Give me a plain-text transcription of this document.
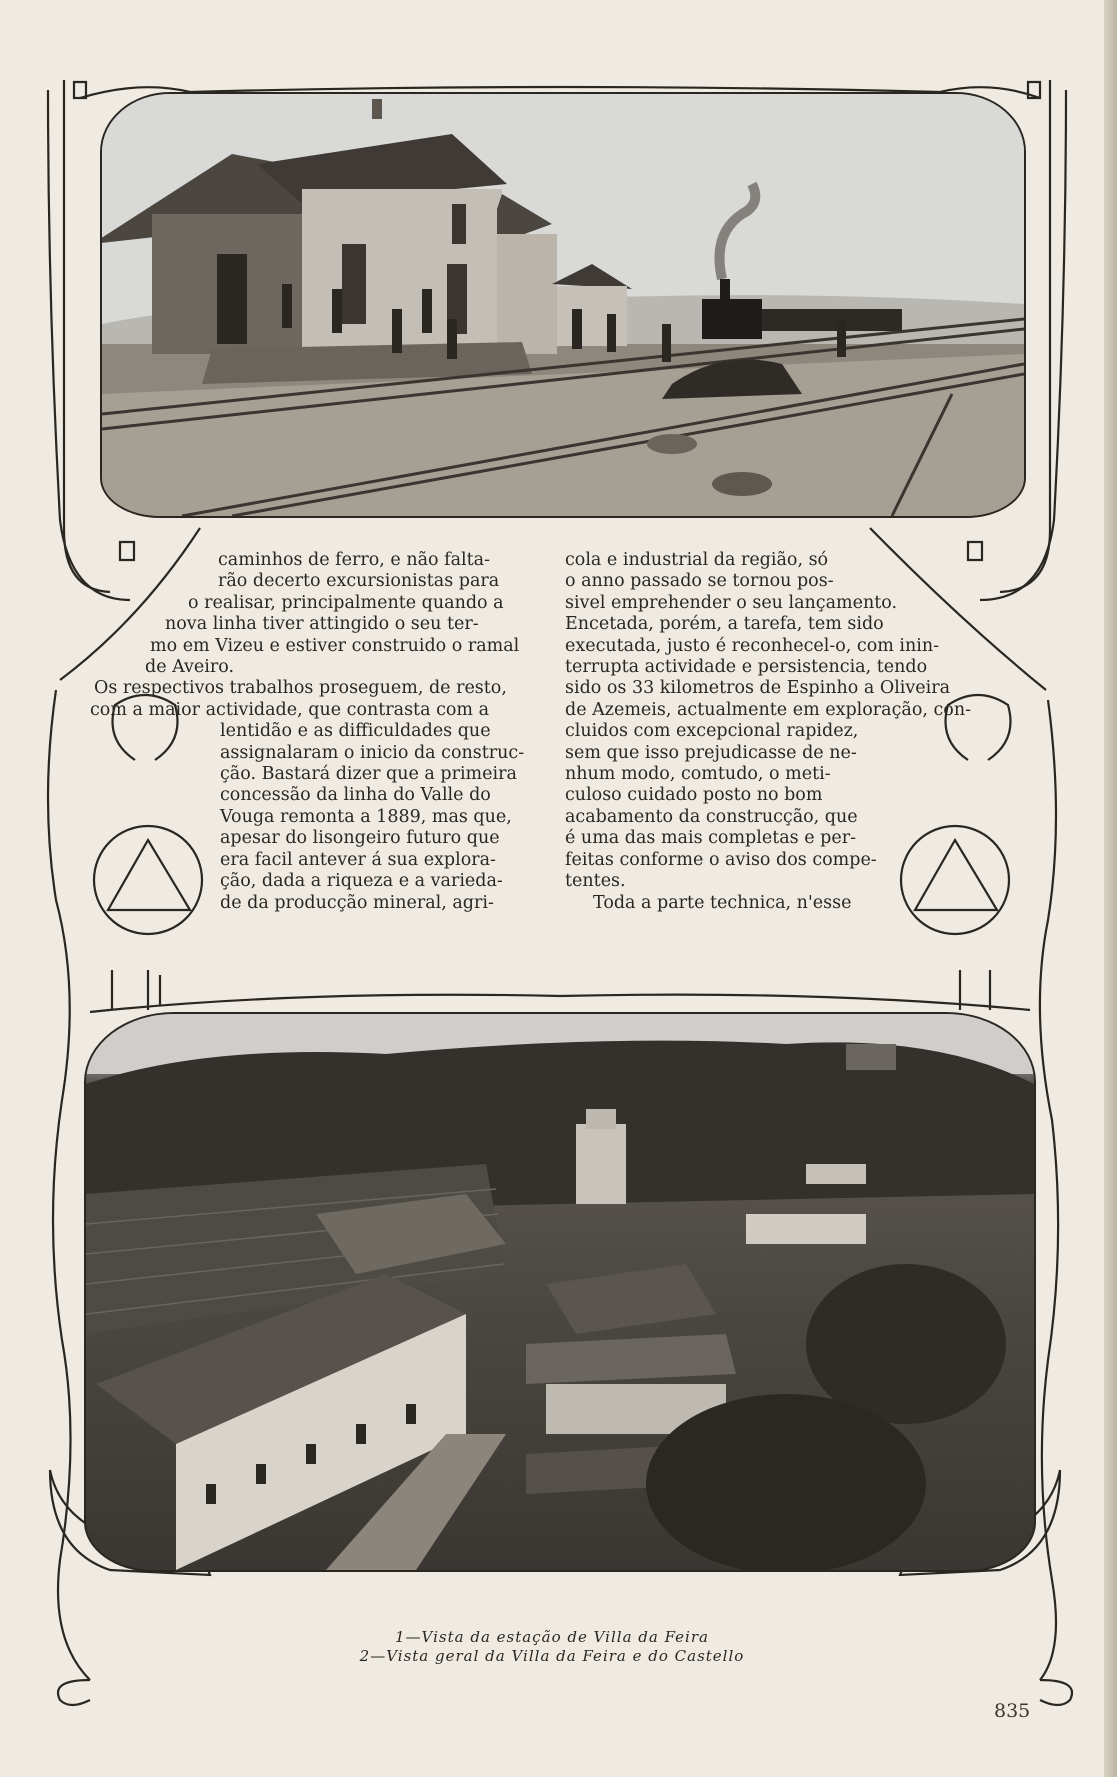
caminhos de ferro, e não falta-
rão decerto excursionistas para
o realisar, principalmente quando a
nova linha tiver attingido o seu ter-
mo em Vizeu e estiver construido o ramal
de Aveiro.

Os respectivos trabalhos proseguem, de resto,
com a maior actividade, que contrasta com a
lentidão e as difficuldades que
assignalaram o inicio da construc-
ção. Bastará dizer que a primeira
concessão da linha do Valle do
Vouga remonta a 1889, mas que,
apesar do lisongeiro futuro que
era facil antever á sua explora-
ção, dada a riqueza e a varieda-
de da producção mineral, agri-

cola e industrial da região, só
o anno passado se tornou pos-
sivel emprehender o seu lançamento.
Encetada, porém, a tarefa, tem sido
executada, justo é reconhecel-o, com inin-
terrupta actividade e persistencia, tendo
sido os 33 kilometros de Espinho a Oliveira
de Azemeis, actualmente em exploração, con-
cluidos com excepcional rapidez,
sem que isso prejudicasse de ne-
nhum modo, comtudo, o meti-
culoso cuidado posto no bom
acabamento da construcção, que
é uma das mais completas e per-
feitas conforme o aviso dos compe-
tentes.

Toda a parte technica, n'esse

1—Vista da estação de Villa da Feira
2—Vista geral da Villa da Feira e do Castello
835
